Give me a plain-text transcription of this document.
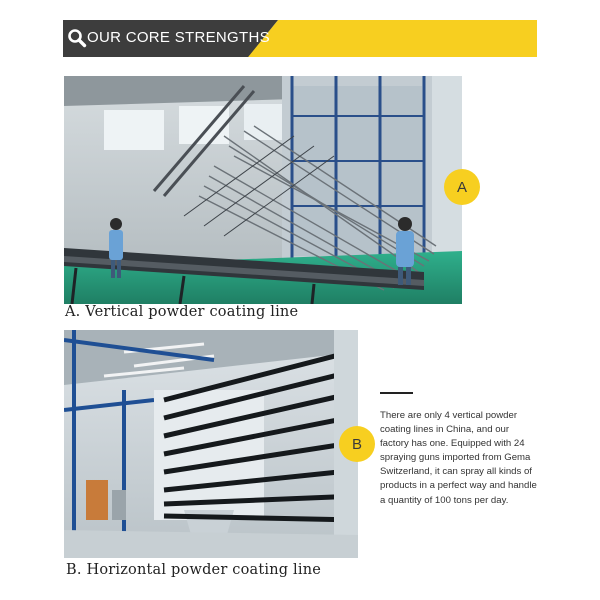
OUR CORE STRENGTHS
A
B
A. Vertical powder coating line
B. Horizontal powder coating line
There are only 4 vertical powder coating lines in China, and our factory has one. Equipped with 24 spraying guns imported from Gema Switzerland, it can spray all kinds of products in a perfect way and handle a quantity of 100 tons per day.
